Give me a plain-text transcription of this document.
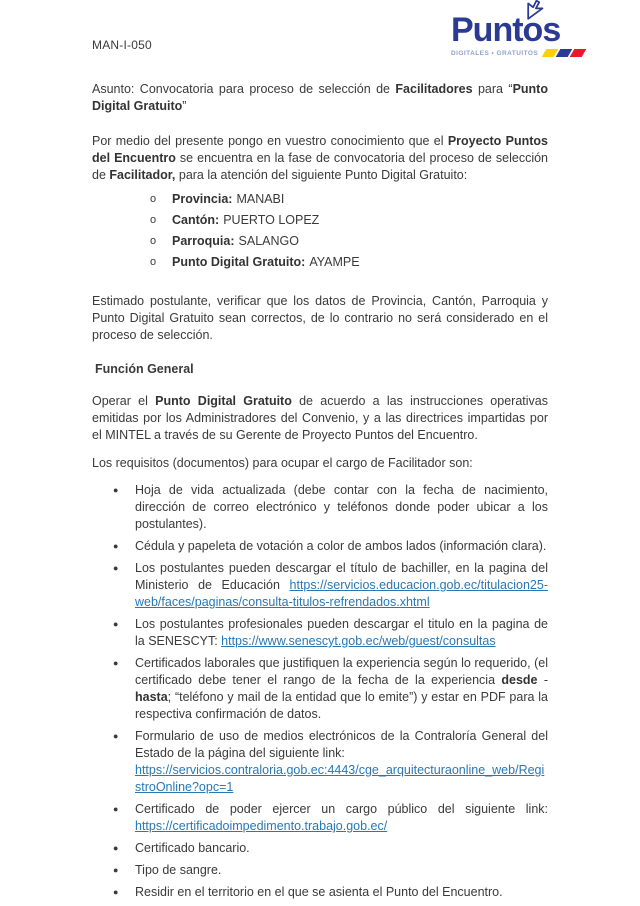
MAN-I-050	Punto
s
DIGITALES • GRATUITOS

Asunto: Convocatoria para proceso de selección de Facilitadores para “Punto Digital Gratuito”

Por medio del presente pongo en vuestro conocimiento que el Proyecto Puntos del Encuentro se encuentra en la fase de convocatoria del proceso de selección de Facilitador, para la atención del siguiente Punto Digital Gratuito:

o Provincia: MANABI
o Cantón: PUERTO LOPEZ
o Parroquia: SALANGO
o Punto Digital Gratuito: AYAMPE

Estimado postulante, verificar que los datos de Provincia, Cantón, Parroquia y Punto Digital Gratuito sean correctos, de lo contrario no será considerado en el proceso de selección.

Función General

Operar el Punto Digital Gratuito de acuerdo a las instrucciones operativas emitidas por los Administradores del Convenio, y a las directrices impartidas por el MINTEL a través de su Gerente de Proyecto Puntos del Encuentro.

Los requisitos (documentos) para ocupar el cargo de Facilitador son:

● Hoja de vida actualizada (debe contar con la fecha de nacimiento, dirección de correo electrónico y teléfonos donde poder ubicar a los postulantes).
● Cédula y papeleta de votación a color de ambos lados (información clara).
● Los postulantes pueden descargar el título de bachiller, en la pagina del Ministerio de Educación https://servicios.educacion.gob.ec/titulacion25-web/faces/paginas/consulta-titulos-refrendados.xhtml
● Los postulantes profesionales pueden descargar el titulo en la pagina de la SENESCYT: https://www.senescyt.gob.ec/web/guest/consultas
● Certificados laborales que justifiquen la experiencia según lo requerido, (el certificado debe tener el rango de la fecha de la experiencia desde - hasta; “teléfono y mail de la entidad que lo emite”) y estar en PDF para la respectiva confirmación de datos.
● Formulario de uso de medios electrónicos de la Contraloría General del Estado de la página del siguiente link:
https://servicios.contraloria.gob.ec:4443/cge_arquitecturaonline_web/RegistroOnline?opc=1
● Certificado de poder ejercer un cargo público del siguiente link:
https://certificadoimpedimento.trabajo.gob.ec/
● Certificado bancario.
● Tipo de sangre.
● Residir en el territorio en el que se asienta el Punto del Encuentro.
